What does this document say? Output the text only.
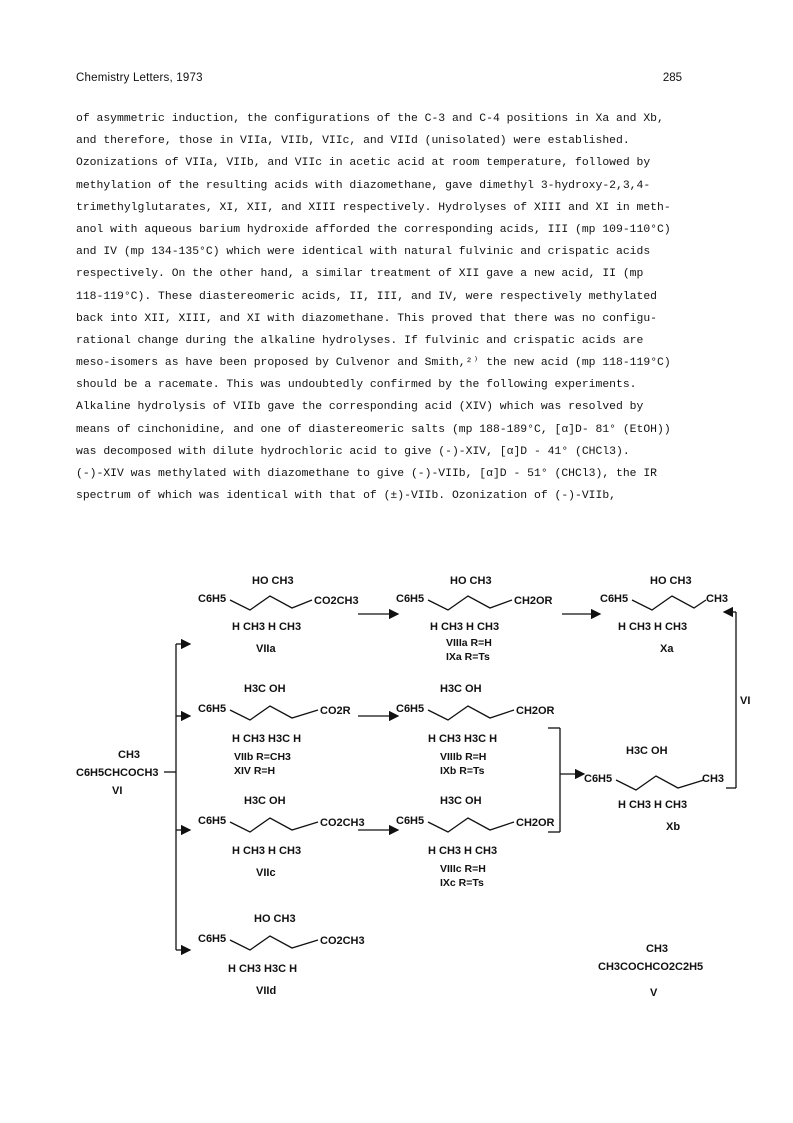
Chemistry Letters, 1973	285
of asymmetric induction, the configurations of the C-3 and C-4 positions in Xa and Xb,
and therefore, those in VIIa, VIIb, VIIc, and VIId (unisolated) were established.
Ozonizations of VIIa, VIIb, and VIIc in acetic acid at room temperature, followed by
methylation of the resulting acids with diazomethane, gave dimethyl 3-hydroxy-2,3,4-
trimethylglutarates, XI, XII, and XIII respectively. Hydrolyses of XIII and XI in meth-
anol with aqueous barium hydroxide afforded the corresponding acids, III (mp 109-110°C)
and IV (mp 134-135°C) which were identical with natural fulvinic and crispatic acids
respectively. On the other hand, a similar treatment of XII gave a new acid, II (mp
118-119°C). These diastereomeric acids, II, III, and IV, were respectively methylated
back into XII, XIII, and XI with diazomethane. This proved that there was no configu-
rational change during the alkaline hydrolyses. If fulvinic and crispatic acids are
meso-isomers as have been proposed by Culvenor and Smith,²⁾ the new acid (mp 118-119°C)
should be a racemate. This was undoubtedly confirmed by the following experiments.
Alkaline hydrolysis of VIIb gave the corresponding acid (XIV) which was resolved by
means of cinchonidine, and one of diastereomeric salts (mp 188-189°C, [α]D- 81° (EtOH))
was decomposed with dilute hydrochloric acid to give (-)-XIV, [α]D - 41° (CHCl3).
(-)-XIV was methylated with diazomethane to give (-)-VIIb, [α]D - 51° (CHCl3), the IR
spectrum of which was identical with that of (±)-VIIb. Ozonization of (-)-VIIb,
CH3
C6H5CHCOCH3
VI
HO CH3
C6H5	CO2CH3
H CH3 H CH3
VIIa
HO CH3
C6H5	CH2OR
H CH3 H CH3
VIIIa R=H
IXa R=Ts
HO CH3
C6H5	CH3
H CH3 H CH3
Xa
H3C OH
C6H5	CO2R
H CH3 H3C H
VIIb R=CH3
XIV R=H
H3C OH
C6H5	CH2OR
H CH3 H3C H
VIIIb R=H
IXb R=Ts
H3C OH
C6H5	CH3
H CH3 H CH3
Xb
VI
H3C OH
C6H5	CO2CH3
H CH3 H CH3
VIIc
H3C OH
C6H5	CH2OR
H CH3 H CH3
VIIIc R=H
IXc R=Ts
HO CH3
C6H5	CO2CH3
H CH3 H3C H
VIId
CH3
CH3COCHCO2C2H5
V
